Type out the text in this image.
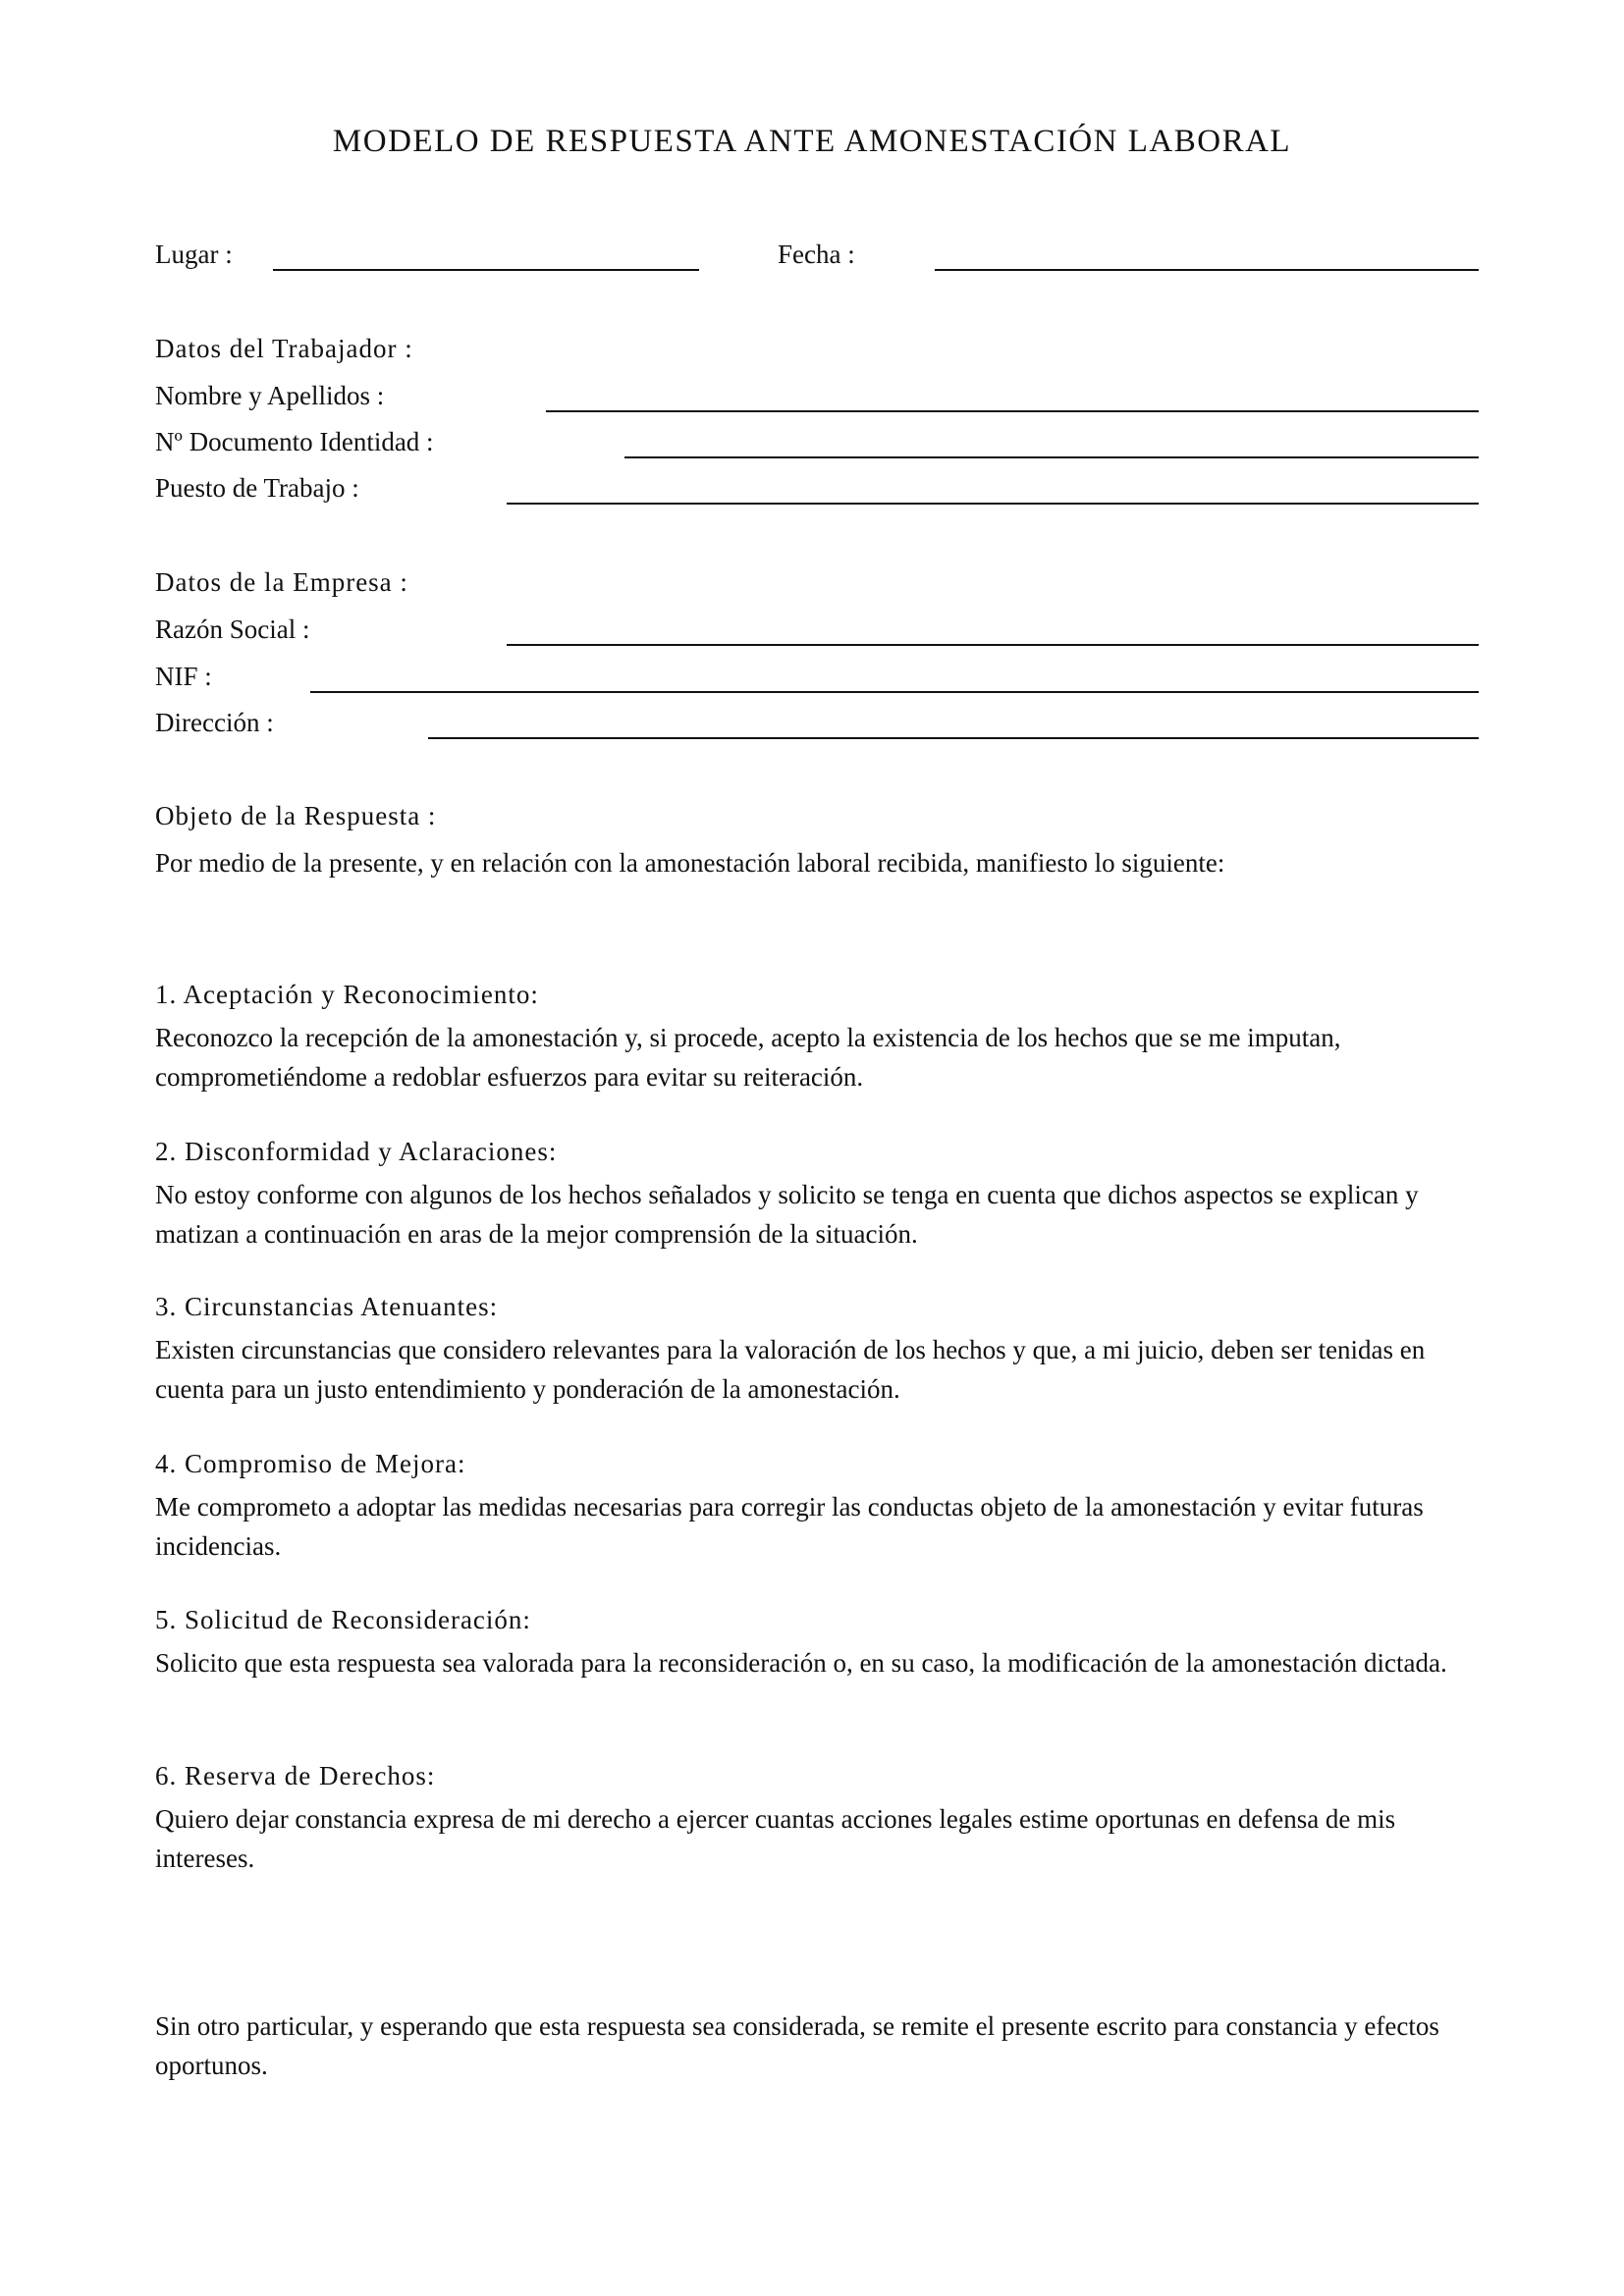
MODELO DE RESPUESTA ANTE AMONESTACIÓN LABORAL
Lugar :	Fecha :
Datos del Trabajador :
Nombre y Apellidos :
Nº Documento Identidad :
Puesto de Trabajo :
Datos de la Empresa :
Razón Social :
NIF :
Dirección :
Objeto de la Respuesta :
Por medio de la presente, y en relación con la amonestación laboral recibida, manifiesto lo siguiente:
1. Aceptación y Reconocimiento:
Reconozco la recepción de la amonestación y, si procede, acepto la existencia de los hechos que se me imputan, comprometiéndome a redoblar esfuerzos para evitar su reiteración.
2. Disconformidad y Aclaraciones:
No estoy conforme con algunos de los hechos señalados y solicito se tenga en cuenta que dichos aspectos se explican y matizan a continuación en aras de la mejor comprensión de la situación.
3. Circunstancias Atenuantes:
Existen circunstancias que considero relevantes para la valoración de los hechos y que, a mi juicio, deben ser tenidas en cuenta para un justo entendimiento y ponderación de la amonestación.
4. Compromiso de Mejora:
Me comprometo a adoptar las medidas necesarias para corregir las conductas objeto de la amonestación y evitar futuras incidencias.
5. Solicitud de Reconsideración:
Solicito que esta respuesta sea valorada para la reconsideración o, en su caso, la modificación de la amonestación dictada.
6. Reserva de Derechos:
Quiero dejar constancia expresa de mi derecho a ejercer cuantas acciones legales estime oportunas en defensa de mis intereses.
Sin otro particular, y esperando que esta respuesta sea considerada, se remite el presente escrito para constancia y efectos oportunos.
